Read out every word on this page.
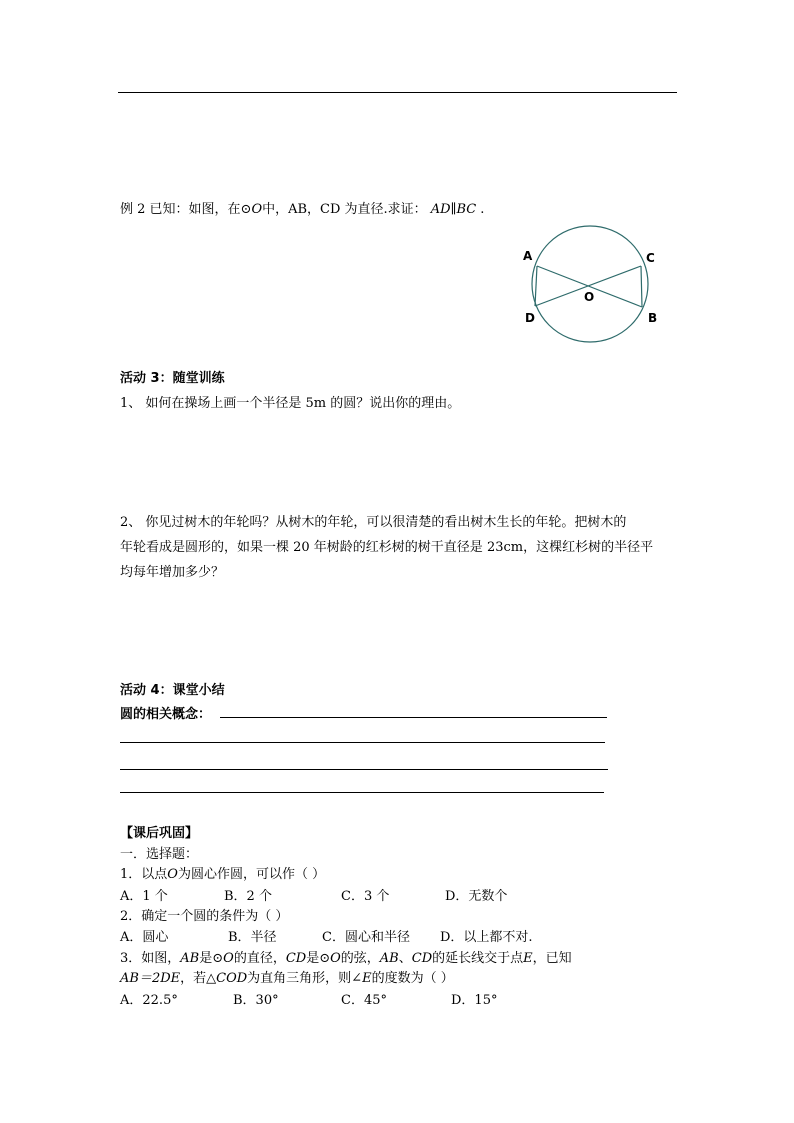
例 2 已知：如图，在⊙O中，AB，CD 为直径.求证： AD∥BC .
A	C
O
D	B
活动 3：随堂训练
1、 如何在操场上画一个半径是 5m 的圆？说出你的理由。
2、 你见过树木的年轮吗？从树木的年轮，可以很清楚的看出树木生长的年轮。把树木的
年轮看成是圆形的，如果一棵 20 年树龄的红杉树的树干直径是 23cm，这棵红杉树的半径平
均每年增加多少？
活动 4：课堂小结
圆的相关概念：
【课后巩固】
一．选择题：
1．以点O为圆心作圆，可以作（ ）
A．1 个	B．2 个	C．3 个	D．无数个
2．确定一个圆的条件为（ ）
A．圆心	B．半径	C．圆心和半径 D．以上都不对.
3．如图，AB是⊙O的直径，CD是⊙O的弦，AB、CD的延长线交于点E，已知
AB＝2DE，若△COD为直角三角形，则∠E的度数为（ ）
A．22.5°	B．30°	C．45°	D．15°
